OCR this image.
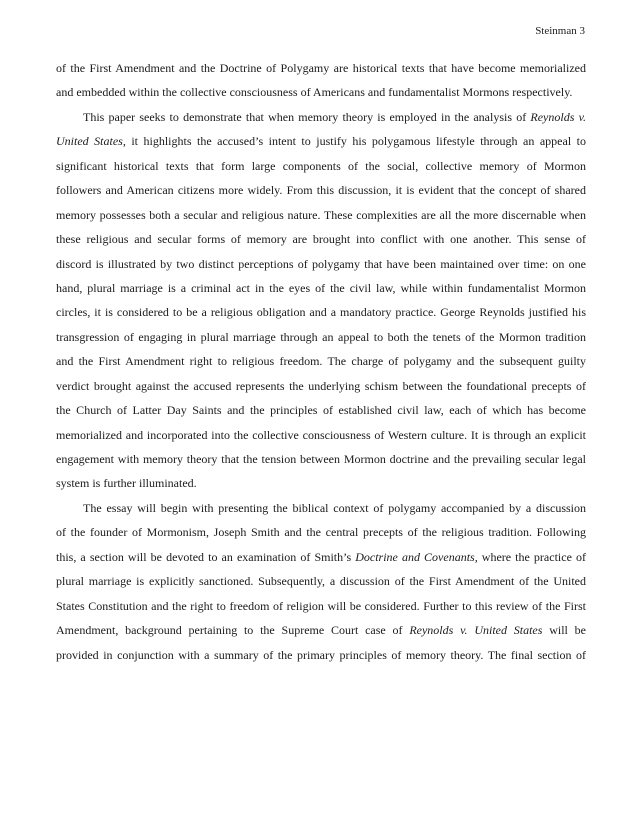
Steinman 3
of the First Amendment and the Doctrine of Polygamy are historical texts that have become memorialized
and embedded within the collective consciousness of Americans and fundamentalist Mormons respectively.
This paper seeks to demonstrate that when memory theory is employed in the analysis of Reynolds v.
United States, it highlights the accused’s intent to justify his polygamous lifestyle through an appeal to
significant historical texts that form large components of the social, collective memory of Mormon
followers and American citizens more widely. From this discussion, it is evident that the concept of shared
memory possesses both a secular and religious nature. These complexities are all the more discernable when
these religious and secular forms of memory are brought into conflict with one another. This sense of
discord is illustrated by two distinct perceptions of polygamy that have been maintained over time: on one
hand, plural marriage is a criminal act in the eyes of the civil law, while within fundamentalist Mormon
circles, it is considered to be a religious obligation and a mandatory practice. George Reynolds justified his
transgression of engaging in plural marriage through an appeal to both the tenets of the Mormon tradition
and the First Amendment right to religious freedom. The charge of polygamy and the subsequent guilty
verdict brought against the accused represents the underlying schism between the foundational precepts of
the Church of Latter Day Saints and the principles of established civil law, each of which has become
memorialized and incorporated into the collective consciousness of Western culture. It is through an explicit
engagement with memory theory that the tension between Mormon doctrine and the prevailing secular legal
system is further illuminated.
The essay will begin with presenting the biblical context of polygamy accompanied by a discussion
of the founder of Mormonism, Joseph Smith and the central precepts of the religious tradition. Following
this, a section will be devoted to an examination of Smith’s Doctrine and Covenants, where the practice of
plural marriage is explicitly sanctioned. Subsequently, a discussion of the First Amendment of the United
States Constitution and the right to freedom of religion will be considered. Further to this review of the First
Amendment, background pertaining to the Supreme Court case of Reynolds v. United States will be
provided in conjunction with a summary of the primary principles of memory theory. The final section of
